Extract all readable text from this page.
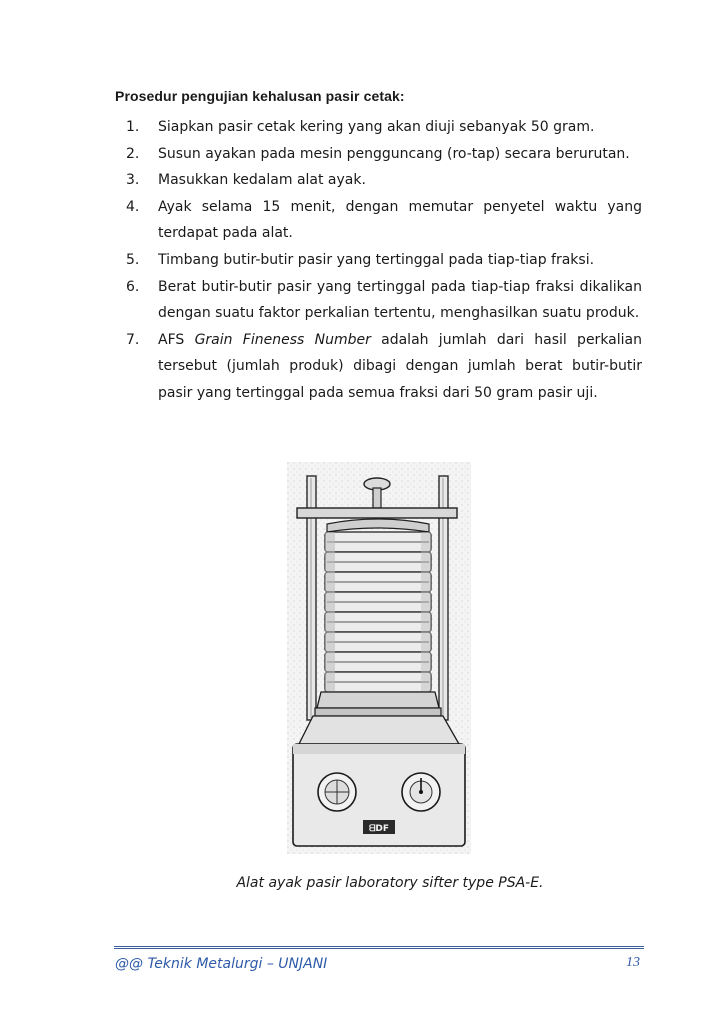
Prosedur pengujian kehalusan pasir cetak:
1. Siapkan pasir cetak kering yang akan diuji sebanyak 50 gram.
2. Susun ayakan pada mesin pengguncang (ro-tap) secara berurutan.
3. Masukkan kedalam alat ayak.
4. Ayak selama 15 menit, dengan memutar penyetel waktu yang terdapat pada alat.
5. Timbang butir-butir pasir yang tertinggal pada tiap-tiap fraksi.
6. Berat butir-butir pasir yang tertinggal pada tiap-tiap fraksi dikalikan dengan suatu faktor perkalian tertentu, menghasilkan suatu produk.
7. AFS Grain Fineness Number adalah jumlah dari hasil perkalian tersebut (jumlah produk) dibagi dengan jumlah berat butir-butir pasir yang tertinggal pada semua fraksi dari 50 gram pasir uji.
ᗺDF
Alat ayak pasir laboratory sifter type PSA-E.
@@ Teknik Metalurgi – UNJANI	13
